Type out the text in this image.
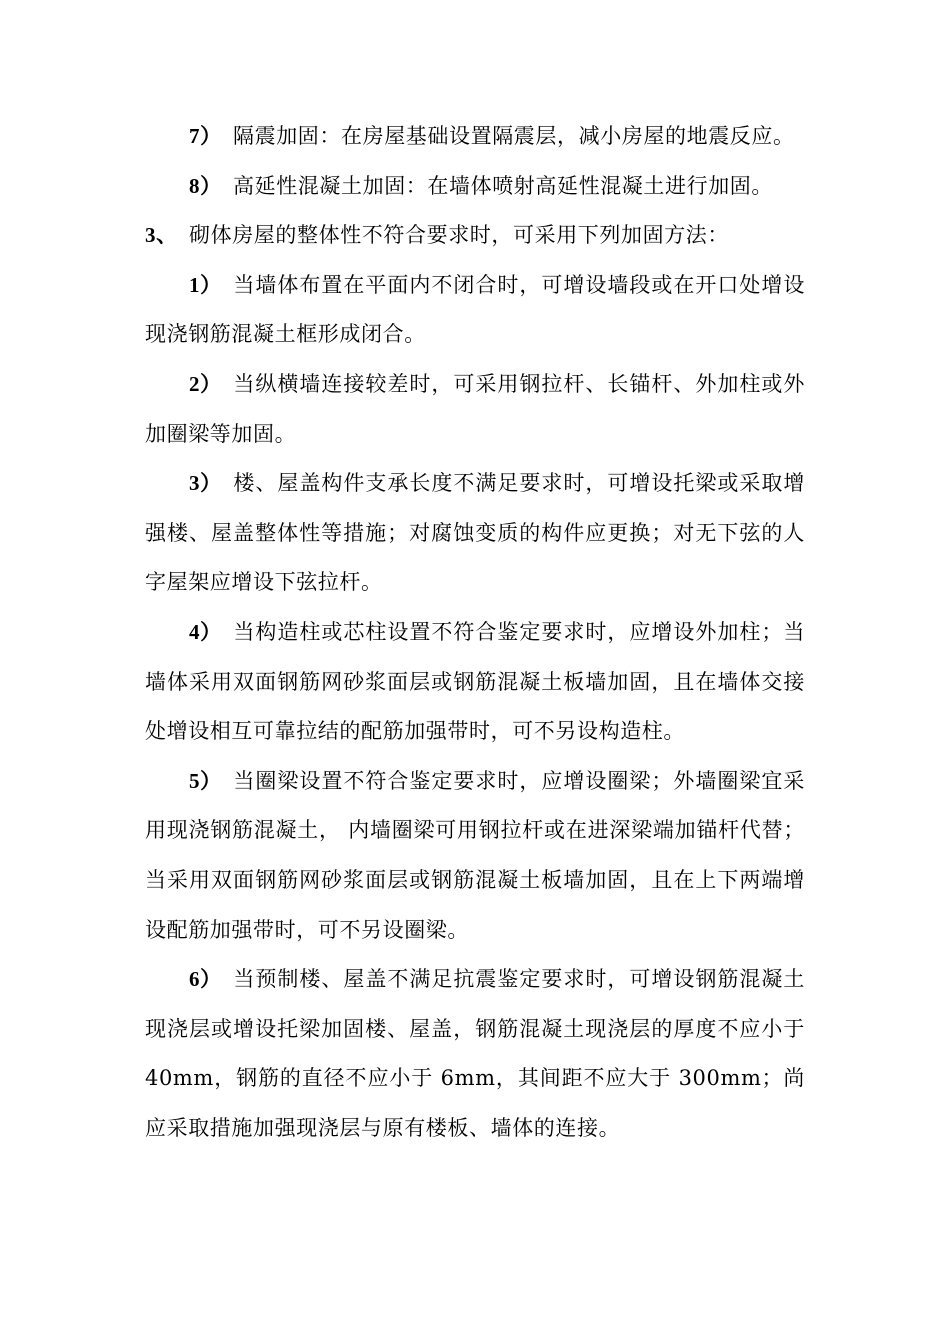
7） 隔震加固：在房屋基础设置隔震层，减小房屋的地震反应。

8） 高延性混凝土加固：在墙体喷射高延性混凝土进行加固。

3、 砌体房屋的整体性不符合要求时，可采用下列加固方法：

1） 当墙体布置在平面内不闭合时，可增设墙段或在开口处增设现浇钢筋混凝土框形成闭合。

2） 当纵横墙连接较差时，可采用钢拉杆、长锚杆、外加柱或外加圈梁等加固。

3） 楼、屋盖构件支承长度不满足要求时，可增设托梁或采取增强楼、屋盖整体性等措施；对腐蚀变质的构件应更换；对无下弦的人字屋架应增设下弦拉杆。

4） 当构造柱或芯柱设置不符合鉴定要求时，应增设外加柱；当墙体采用双面钢筋网砂浆面层或钢筋混凝土板墙加固，且在墙体交接处增设相互可靠拉结的配筋加强带时，可不另设构造柱。

5） 当圈梁设置不符合鉴定要求时，应增设圈梁；外墙圈梁宜采用现浇钢筋混凝土， 内墙圈梁可用钢拉杆或在进深梁端加锚杆代替；当采用双面钢筋网砂浆面层或钢筋混凝土板墙加固，且在上下两端增设配筋加强带时，可不另设圈梁。

6） 当预制楼、屋盖不满足抗震鉴定要求时，可增设钢筋混凝土现浇层或增设托梁加固楼、屋盖，钢筋混凝土现浇层的厚度不应小于 40mm，钢筋的直径不应小于 6mm，其间距不应大于 300mm；尚应采取措施加强现浇层与原有楼板、墙体的连接。
